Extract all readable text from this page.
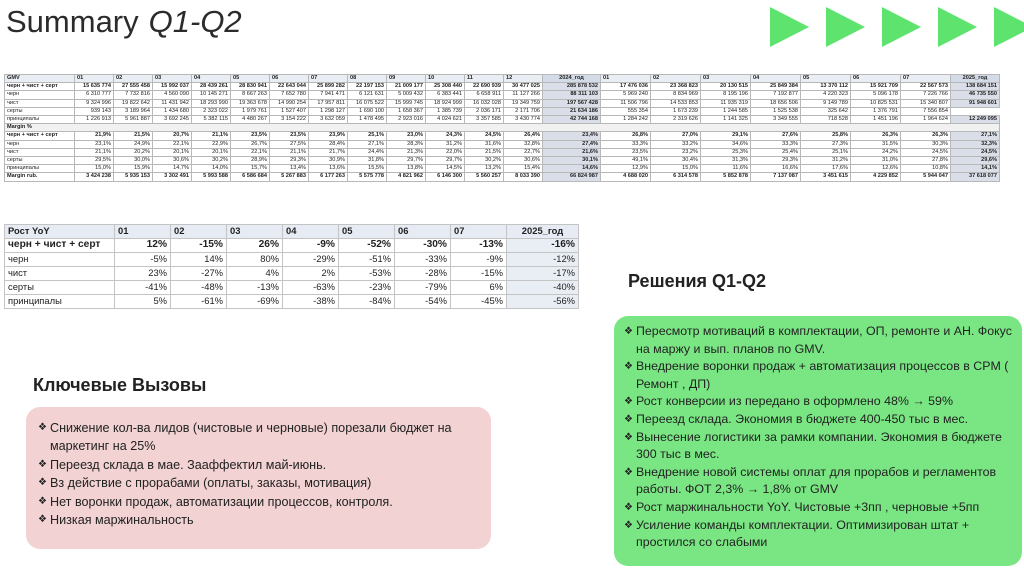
Summary Q1-Q2
GMV	01	02	03	04	05	06	07	08	09	10	11	12	2024_год	01	02	03	04	05	06	07	2025_год
черн + чист + серт	15 635 774	27 555 458	15 992 037	28 439 261	28 830 941	22 643 044	25 899 282	22 197 153	21 009 177	25 308 440	22 690 939	30 477 025	285 878 532	17 476 036	23 368 823	20 130 515	25 849 384	13 370 112	15 921 709	22 567 573	138 684 151
черн	6 310 777	7 732 816	4 560 090	10 145 271	8 667 263	7 652 780	7 941 471	6 121 631	5 009 432	6 383 441	6 658 911	11 127 266	88 311 103	5 969 240	8 834 969	8 195 196	7 192 877	4 220 323	5 096 178	7 226 766	46 735 550
чист	9 324 996	19 822 642	11 431 942	18 293 990	19 363 678	14 990 254	17 957 811	16 075 522	15 999 745	18 924 999	16 032 028	19 349 759	197 567 428	11 506 796	14 533 853	11 935 319	18 656 506	9 149 789	10 825 531	15 340 807	91 948 601
серты	939 143	3 189 964	1 434 680	2 323 022	1 979 761	1 527 407	1 298 127	1 690 100	1 658 367	1 385 739	2 036 171	2 171 706	21 634 186	555 354	1 673 239	1 244 585	1 525 538	325 642	1 376 791	7 556 854	
принципалы	1 226 913	5 961 887	3 692 245	5 382 115	4 480 267	3 154 222	3 632 059	1 478 495	2 923 016	4 024 621	3 357 585	3 430 774	42 744 168	1 284 242	2 319 626	1 141 325	3 349 555	718 528	1 451 196	1 964 624	12 249 095
Margin %																					
черн + чист + серт	21,9%	21,5%	20,7%	21,1%	23,5%	23,5%	23,9%	25,1%	23,0%	24,3%	24,5%	26,4%	23,4%	26,8%	27,0%	29,1%	27,6%	25,8%	26,3%	26,3%	27,1%
черн	23,1%	24,9%	22,1%	22,9%	26,7%	27,5%	28,4%	27,1%	28,3%	31,2%	31,6%	32,8%	27,4%	33,3%	33,2%	34,6%	33,3%	27,3%	31,5%	30,3%	32,3%
чист	21,1%	20,2%	20,1%	20,1%	22,1%	21,1%	21,7%	24,4%	21,3%	22,0%	21,5%	22,7%	21,6%	23,5%	23,2%	25,3%	25,4%	25,1%	24,2%	24,5%	24,5%
серты	29,5%	30,0%	30,6%	30,2%	28,9%	29,3%	30,9%	31,8%	29,7%	29,7%	30,2%	30,6%	30,1%	49,1%	30,4%	31,3%	29,3%	31,2%	31,0%	27,8%	29,6%
принципалы	15,0%	15,9%	14,7%	14,0%	15,7%	13,4%	13,6%	15,5%	13,8%	14,5%	13,2%	15,4%	14,6%	12,9%	15,0%	11,6%	16,6%	17,6%	12,6%	10,8%	14,1%
Margin rub.	3 424 238	5 935 153	3 302 491	5 993 588	6 586 684	5 267 883	6 177 263	5 575 778	4 821 962	6 146 300	5 560 257	8 033 390	66 824 987	4 688 020	6 314 578	5 852 878	7 137 087	3 451 615	4 229 852	5 944 047	37 618 077
Рост YoY	01	02	03	04	05	06	07	2025_год
черн + чист + серт	12%	-15%	26%	-9%	-52%	-30%	-13%	-16%
черн	-5%	14%	80%	-29%	-51%	-33%	-9%	-12%
чист	23%	-27%	4%	2%	-53%	-28%	-15%	-17%
серты	-41%	-48%	-13%	-63%	-23%	-79%	6%	-40%
принципалы	5%	-61%	-69%	-38%	-84%	-54%	-45%	-56%
Ключевые Вызовы
❖ Снижение кол-ва лидов (чистовые и черновые) порезали бюджет на маркетинг на 25%
❖ Переезд склада в мае. Зааффектил май-июнь.
❖ Вз действие с прорабами (оплаты, заказы, мотивация)
❖ Нет воронки продаж, автоматизации процессов, контроля.
❖ Низкая маржинальность
Решения Q1-Q2
❖ Пересмотр мотиваций в комплектации, ОП, ремонте и АН. Фокус на маржу и вып. планов по GMV.
❖ Внедрение воронки продаж + автоматизация процессов в CPM ( Ремонт , ДП)
❖ Рост конверсии из передано в оформлено 48% → 59%
❖ Переезд склада. Экономия в бюджете 400-450 тыс в мес.
❖ Вынесение логистики за рамки компании. Экономия в бюджете 300 тыс в мес.
❖ Внедрение новой системы оплат для прорабов и регламентов работы. ФОТ 2,3% → 1,8% от GMV
❖ Рост маржинальности YoY. Чистовые +3пп , черновые +5пп
❖ Усиление команды комплектации. Оптимизирован штат + простился со слабыми
